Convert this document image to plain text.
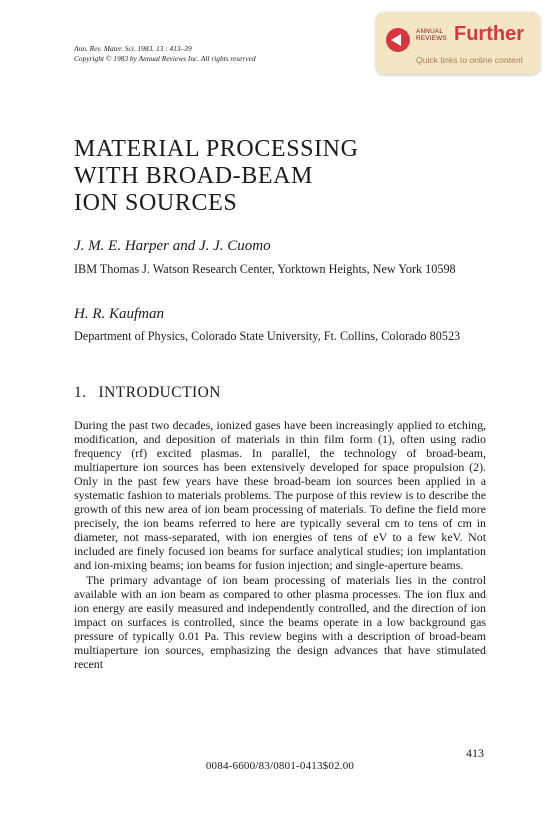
Ann. Rev. Mater. Sci. 1983. 13 : 413–39
Copyright © 1983 by Annual Reviews Inc. All rights reserved
ANNUAL
REVIEWS Further
Quick links to online content
MATERIAL PROCESSING
WITH BROAD-BEAM
ION SOURCES
J. M. E. Harper and J. J. Cuomo
IBM Thomas J. Watson Research Center, Yorktown Heights, New York 10598
H. R. Kaufman
Department of Physics, Colorado State University, Ft. Collins, Colorado 80523
1. INTRODUCTION

During the past two decades, ionized gases have been increasingly applied to etching, modification, and deposition of materials in thin film form (1), often using radio frequency (rf) excited plasmas. In parallel, the technology of broad-beam, multiaperture ion sources has been extensively developed for space propulsion (2). Only in the past few years have these broad-beam ion sources been applied in a systematic fashion to materials problems. The purpose of this review is to describe the growth of this new area of ion beam processing of materials. To define the field more precisely, the ion beams referred to here are typically several cm to tens of cm in diameter, not mass-separated, with ion energies of tens of eV to a few keV. Not included are finely focused ion beams for surface analytical studies; ion implantation and ion-mixing beams; ion beams for fusion injection; and single-aperture beams.

The primary advantage of ion beam processing of materials lies in the control available with an ion beam as compared to other plasma processes. The ion flux and ion energy are easily measured and independently controlled, and the direction of ion impact on surfaces is controlled, since the beams operate in a low background gas pressure of typically 0.01 Pa. This review begins with a description of broad-beam multiaperture ion sources, emphasizing the design advances that have stimulated recent

413
0084-6600/83/0801-0413$02.00
